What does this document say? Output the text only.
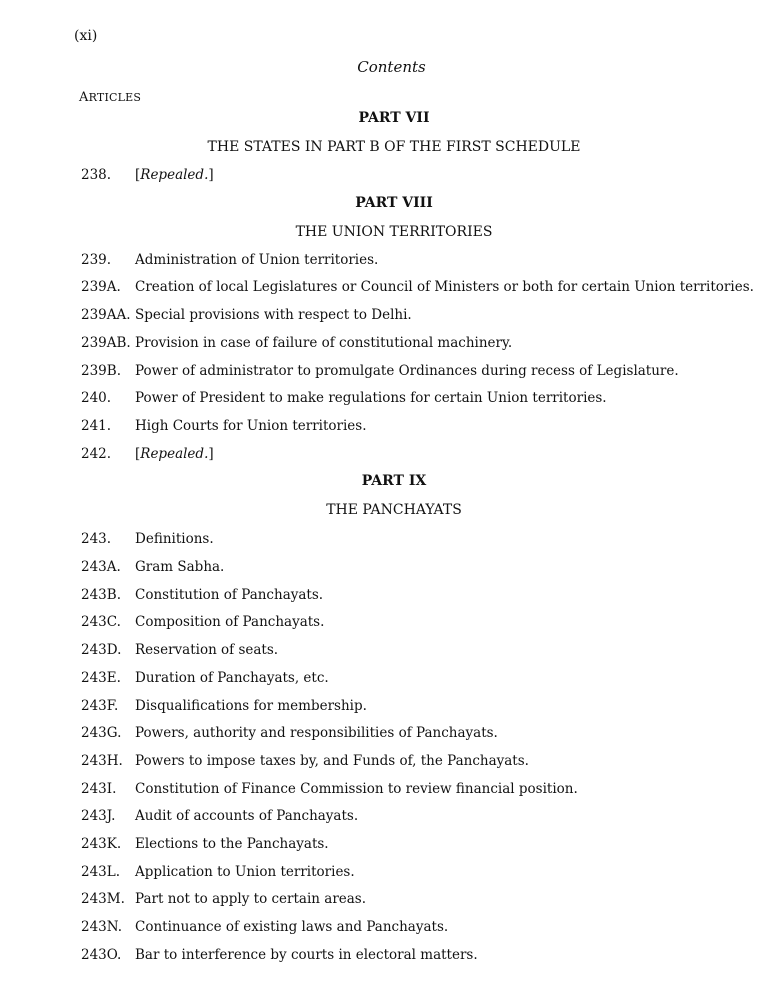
(xi)
Contents
ARTICLES
PART VII
THE STATES IN PART B OF THE FIRST SCHEDULE
238. [Repealed.]
PART VIII
THE UNION TERRITORIES
239. Administration of Union territories.
239A. Creation of local Legislatures or Council of Ministers or both for certain Union territories.
239AA. Special provisions with respect to Delhi.
239AB. Provision in case of failure of constitutional machinery.
239B. Power of administrator to promulgate Ordinances during recess of Legislature.
240. Power of President to make regulations for certain Union territories.
241. High Courts for Union territories.
242. [Repealed.]
PART IX
THE PANCHAYATS
243. Definitions.
243A. Gram Sabha.
243B. Constitution of Panchayats.
243C. Composition of Panchayats.
243D. Reservation of seats.
243E. Duration of Panchayats, etc.
243F. Disqualifications for membership.
243G. Powers, authority and responsibilities of Panchayats.
243H. Powers to impose taxes by, and Funds of, the Panchayats.
243I. Constitution of Finance Commission to review financial position.
243J. Audit of accounts of Panchayats.
243K. Elections to the Panchayats.
243L. Application to Union territories.
243M. Part not to apply to certain areas.
243N. Continuance of existing laws and Panchayats.
243O. Bar to interference by courts in electoral matters.
